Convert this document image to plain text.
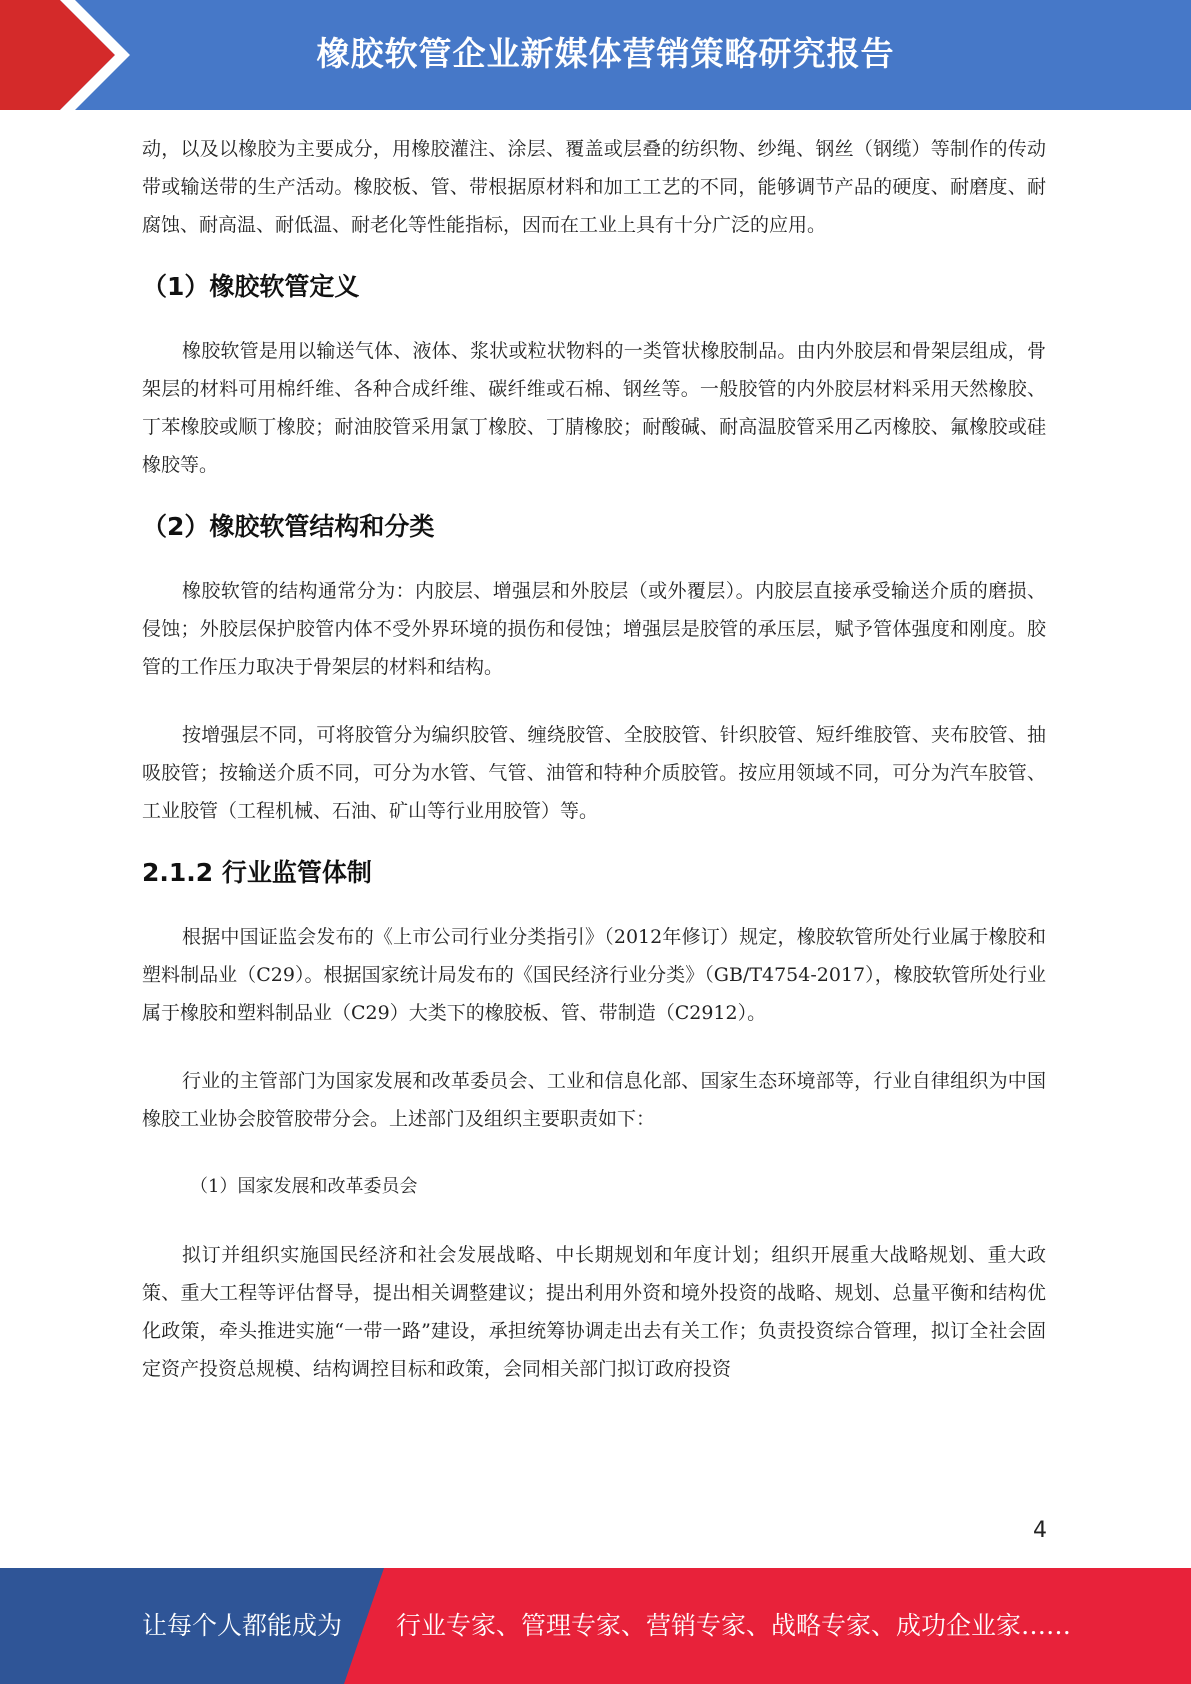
橡胶软管企业新媒体营销策略研究报告

动，以及以橡胶为主要成分，用橡胶灌注、涂层、覆盖或层叠的纺织物、纱绳、钢丝（钢缆）等制作的传动带或输送带的生产活动。橡胶板、管、带根据原材料和加工工艺的不同，能够调节产品的硬度、耐磨度、耐腐蚀、耐高温、耐低温、耐老化等性能指标，因而在工业上具有十分广泛的应用。

（1）橡胶软管定义

橡胶软管是用以输送气体、液体、浆状或粒状物料的一类管状橡胶制品。由内外胶层和骨架层组成，骨架层的材料可用棉纤维、各种合成纤维、碳纤维或石棉、钢丝等。一般胶管的内外胶层材料采用天然橡胶、丁苯橡胶或顺丁橡胶；耐油胶管采用氯丁橡胶、丁腈橡胶；耐酸碱、耐高温胶管采用乙丙橡胶、氟橡胶或硅橡胶等。

（2）橡胶软管结构和分类

橡胶软管的结构通常分为：内胶层、增强层和外胶层（或外覆层）。内胶层直接承受输送介质的磨损、侵蚀；外胶层保护胶管内体不受外界环境的损伤和侵蚀；增强层是胶管的承压层，赋予管体强度和刚度。胶管的工作压力取决于骨架层的材料和结构。

按增强层不同，可将胶管分为编织胶管、缠绕胶管、全胶胶管、针织胶管、短纤维胶管、夹布胶管、抽吸胶管；按输送介质不同，可分为水管、气管、油管和特种介质胶管。按应用领域不同，可分为汽车胶管、工业胶管（工程机械、石油、矿山等行业用胶管）等。

2.1.2 行业监管体制

根据中国证监会发布的《上市公司行业分类指引》（2012年修订）规定，橡胶软管所处行业属于橡胶和塑料制品业（C29）。根据国家统计局发布的《国民经济行业分类》（GB/T4754-2017），橡胶软管所处行业属于橡胶和塑料制品业（C29）大类下的橡胶板、管、带制造（C2912）。

行业的主管部门为国家发展和改革委员会、工业和信息化部、国家生态环境部等，行业自律组织为中国橡胶工业协会胶管胶带分会。上述部门及组织主要职责如下：

（1）国家发展和改革委员会

拟订并组织实施国民经济和社会发展战略、中长期规划和年度计划；组织开展重大战略规划、重大政策、重大工程等评估督导，提出相关调整建议；提出利用外资和境外投资的战略、规划、总量平衡和结构优化政策，牵头推进实施“一带一路”建设，承担统筹协调走出去有关工作；负责投资综合管理，拟订全社会固定资产投资总规模、结构调控目标和政策，会同相关部门拟订政府投资

4
让每个人都能成为 行业专家、管理专家、营销专家、战略专家、成功企业家……
